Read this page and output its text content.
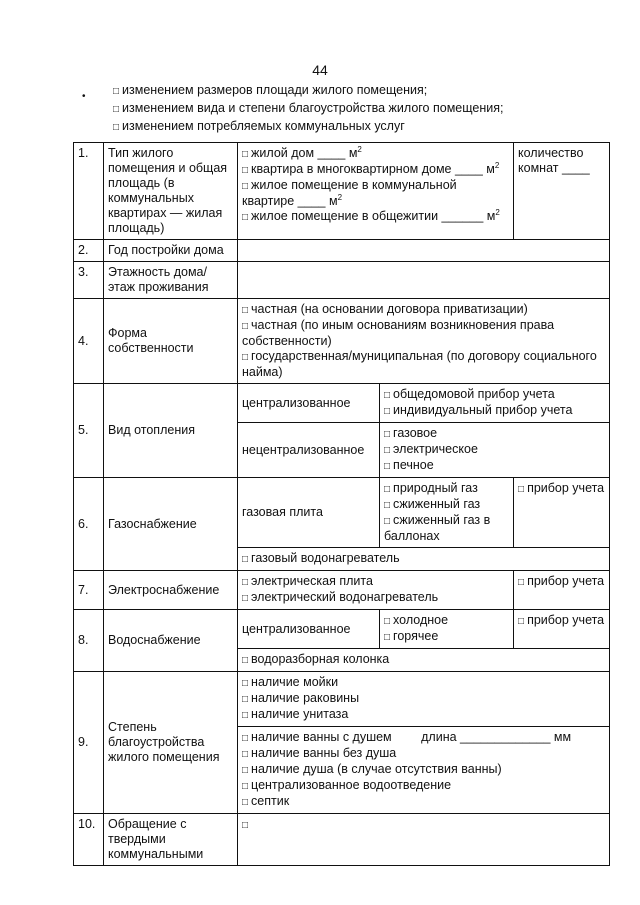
44
•	□ изменением размеров площади жилого помещения;
□ изменением вида и степени благоустройства жилого помещения;
□ изменением потребляемых коммунальных услуг
1.	Тип жилого помещения и общая площадь (в коммунальных квартирах — жилая площадь)	□ жилой дом ____ $м^2$
□ квартира в многоквартирном доме ____ $м^2$
□ жилое помещение в коммунальной квартире ____ $м^2$
□ жилое помещение в общежитии ______ $м^2$		количество комнат ____
2.	Год постройки дома			
3.	Этажность дома/этаж проживания			
4.	Форма собственности	□ частная (на основании договора приватизации)
□ частная (по иным основаниям возникновения права собственности)
□ государственная/муниципальная (по договору социального найма)

5.	Вид отопления	централизованное	□ общедомовой прибор учета
□ индивидуальный прибор учета

		нецентрализованное	□ газовое
□ электрическое
□ печное

6.	Газоснабжение	газовая плита	□ природный газ
□ сжиженный газ
□ сжиженный газ в баллонах	□ прибор учета

		□ газовый водонагреватель

7.	Электроснабжение	□ электрическая плита
□ электрический водонагреватель		□ прибор учета

8.	Водоснабжение	централизованное	□ холодное
□ горячее	□ прибор учета

		□ водоразборная колонка

9.	Степень благоустройства жилого помещения	□ наличие мойки
□ наличие раковины
□ наличие унитаза

		□ наличие ванны с душем длина _____________ мм
□ наличие ванны без душа
□ наличие душа (в случае отсутствия ванны)
□ централизованное водоотведение
□ септик

10.	Обращение с твердыми коммунальными	
□
